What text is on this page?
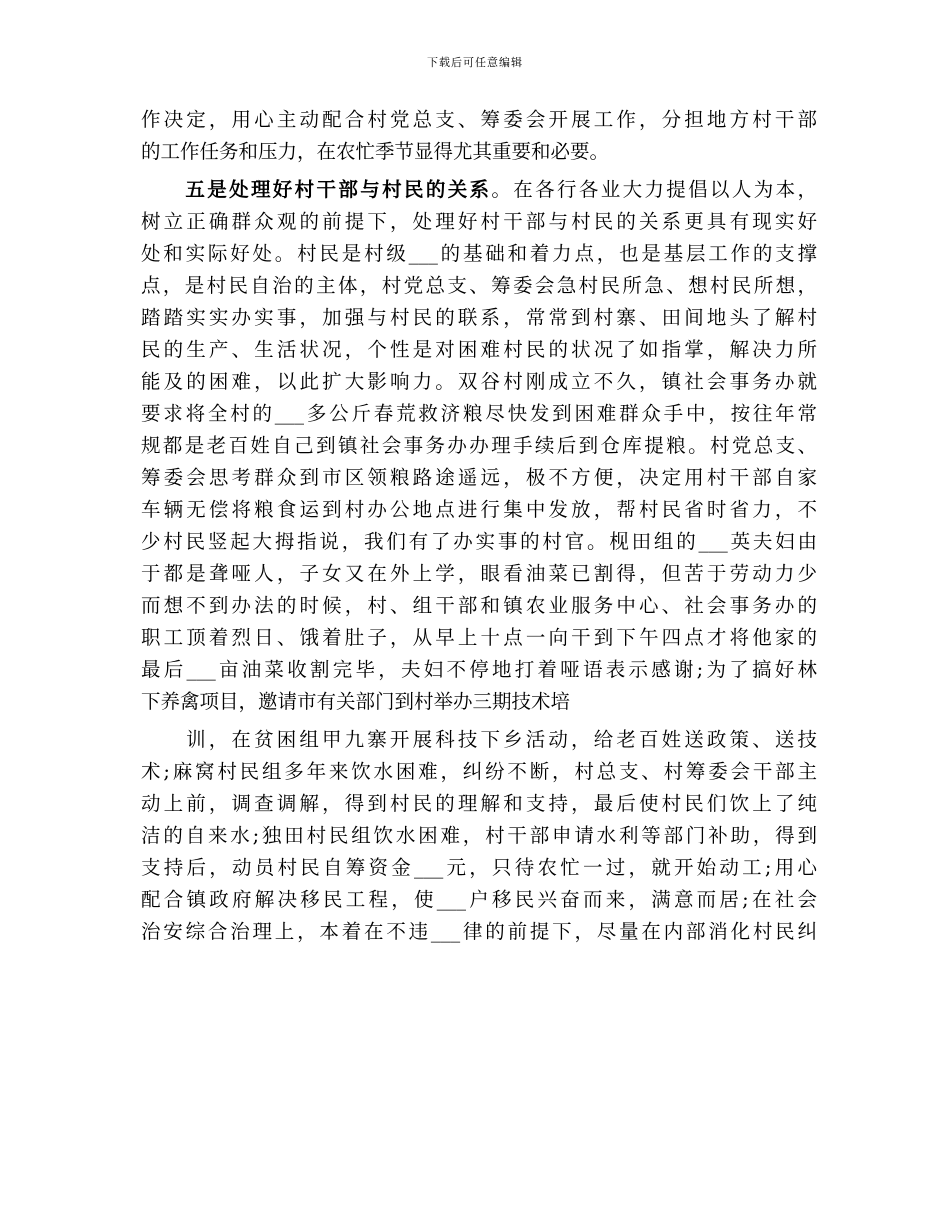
下载后可任意编辑

作决定，用心主动配合村党总支、筹委会开展工作，分担地方村干部

的工作任务和压力，在农忙季节显得尤其重要和必要。

五是处理好村干部与村民的关系。在各行各业大力提倡以人为本，

树立正确群众观的前提下，处理好村干部与村民的关系更具有现实好

处和实际好处。村民是村级___的基础和着力点，也是基层工作的支撑

点，是村民自治的主体，村党总支、筹委会急村民所急、想村民所想，

踏踏实实办实事，加强与村民的联系，常常到村寨、田间地头了解村

民的生产、生活状况，个性是对困难村民的状况了如指掌，解决力所

能及的困难，以此扩大影响力。双谷村刚成立不久，镇社会事务办就

要求将全村的___多公斤春荒救济粮尽快发到困难群众手中，按往年常

规都是老百姓自己到镇社会事务办办理手续后到仓库提粮。村党总支、

筹委会思考群众到市区领粮路途遥远，极不方便，决定用村干部自家

车辆无偿将粮食运到村办公地点进行集中发放，帮村民省时省力，不

少村民竖起大拇指说，我们有了办实事的村官。枧田组的___英夫妇由

于都是聋哑人，子女又在外上学，眼看油菜已割得，但苦于劳动力少

而想不到办法的时候，村、组干部和镇农业服务中心、社会事务办的

职工顶着烈日、饿着肚子，从早上十点一向干到下午四点才将他家的

最后___亩油菜收割完毕，夫妇不停地打着哑语表示感谢;为了搞好林

下养禽项目，邀请市有关部门到村举办三期技术培

训，在贫困组甲九寨开展科技下乡活动，给老百姓送政策、送技

术;麻窝村民组多年来饮水困难，纠纷不断，村总支、村筹委会干部主

动上前，调查调解，得到村民的理解和支持，最后使村民们饮上了纯

洁的自来水;独田村民组饮水困难，村干部申请水利等部门补助，得到

支持后，动员村民自筹资金___元，只待农忙一过，就开始动工;用心

配合镇政府解决移民工程，使___户移民兴奋而来，满意而居;在社会

治安综合治理上，本着在不违___律的前提下，尽量在内部消化村民纠
